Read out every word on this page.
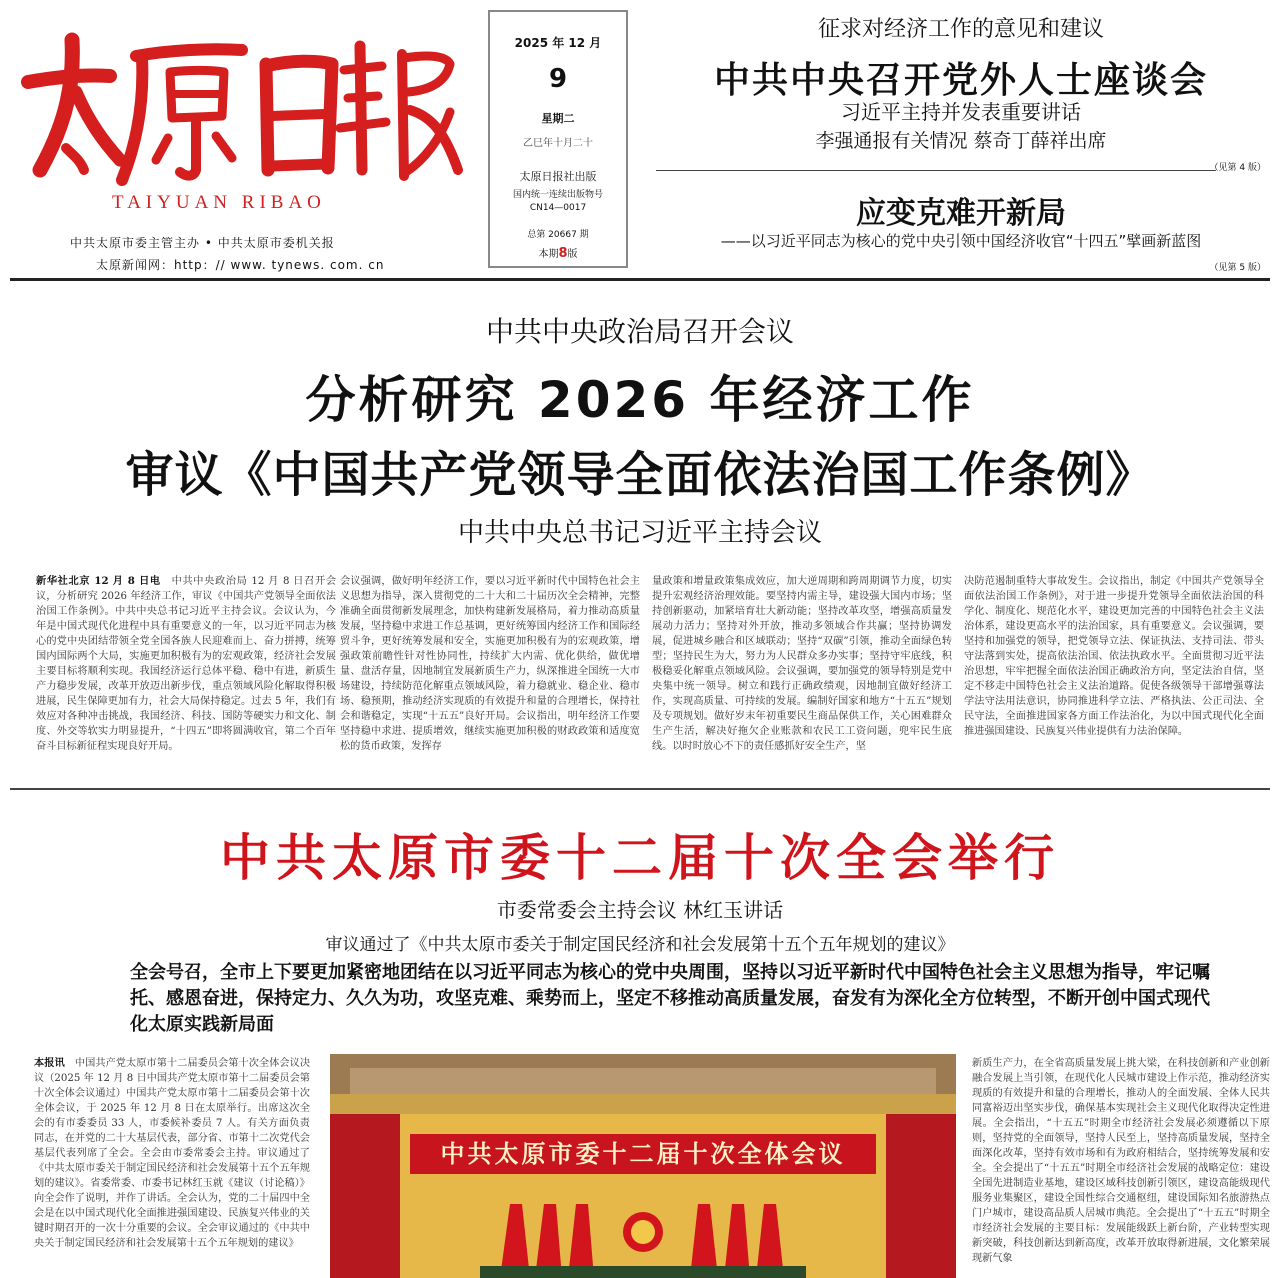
TAIYUAN RIBAO
中共太原市委主管主办 • 中共太原市委机关报
太原新闻网：http：// www. tynews. com. cn
2025 年 12 月
9
星期二
乙巳年十月二十
太原日报社出版
国内统一连续出版物号
CN14—0017
总第 20667 期
本期8版
征求对经济工作的意见和建议
中共中央召开党外人士座谈会
习近平主持并发表重要讲话
李强通报有关情况 蔡奇丁薛祥出席
（见第 4 版）
应变克难开新局
——以习近平同志为核心的党中央引领中国经济收官“十四五”擘画新蓝图
（见第 5 版）
中共中央政治局召开会议
分析研究 2026 年经济工作
审议《中国共产党领导全面依法治国工作条例》
中共中央总书记习近平主持会议
新华社北京 12 月 8 日电　 中共中央政治局 12 月 8 日召开会议，分析研究 2026 年经济工作，审议《中国共产党领导全面依法治国工作条例》。中共中央总书记习近平主持会议。会议认为，今年是中国式现代化进程中具有重要意义的一年，以习近平同志为核心的党中央团结带领全党全国各族人民迎难而上、奋力拼搏，统筹国内国际两个大局，实施更加积极有为的宏观政策，经济社会发展主要目标将顺利实现。我国经济运行总体平稳、稳中有进，新质生产力稳步发展，改革开放迈出新步伐，重点领域风险化解取得积极进展，民生保障更加有力，社会大局保持稳定。过去 5 年，我们有效应对各种冲击挑战，我国经济、科技、国防等硬实力和文化、制度、外交等软实力明显提升，“十四五”即将圆满收官，第二个百年奋斗目标新征程实现良好开局。
会议强调，做好明年经济工作，要以习近平新时代中国特色社会主义思想为指导，深入贯彻党的二十大和二十届历次全会精神，完整准确全面贯彻新发展理念，加快构建新发展格局，着力推动高质量发展，坚持稳中求进工作总基调，更好统筹国内经济工作和国际经贸斗争，更好统筹发展和安全，实施更加积极有为的宏观政策，增强政策前瞻性针对性协同性，持续扩大内需、优化供给，做优增量、盘活存量，因地制宜发展新质生产力，纵深推进全国统一大市场建设，持续防范化解重点领域风险，着力稳就业、稳企业、稳市场、稳预期，推动经济实现质的有效提升和量的合理增长，保持社会和谐稳定，实现“十五五”良好开局。会议指出，明年经济工作要坚持稳中求进、提质增效，继续实施更加积极的财政政策和适度宽松的货币政策，发挥存
量政策和增量政策集成效应，加大逆周期和跨周期调节力度，切实提升宏观经济治理效能。要坚持内需主导，建设强大国内市场；坚持创新驱动，加紧培育壮大新动能；坚持改革攻坚，增强高质量发展动力活力；坚持对外开放，推动多领域合作共赢；坚持协调发展，促进城乡融合和区域联动；坚持“双碳”引领，推动全面绿色转型；坚持民生为大，努力为人民群众多办实事；坚持守牢底线，积极稳妥化解重点领域风险。会议强调，要加强党的领导特别是党中央集中统一领导。树立和践行正确政绩观，因地制宜做好经济工作，实现高质量、可持续的发展。编制好国家和地方“十五五”规划及专项规划。做好岁末年初重要民生商品保供工作，关心困难群众生产生活，解决好拖欠企业账款和农民工工资问题，兜牢民生底线。以时时放心不下的责任感抓好安全生产，坚
决防范遏制重特大事故发生。会议指出，制定《中国共产党领导全面依法治国工作条例》，对于进一步提升党领导全面依法治国的科学化、制度化、规范化水平，建设更加完善的中国特色社会主义法治体系，建设更高水平的法治国家，具有重要意义。会议强调，要坚持和加强党的领导，把党领导立法、保证执法、支持司法、带头守法落到实处，提高依法治国、依法执政水平。全面贯彻习近平法治思想，牢牢把握全面依法治国正确政治方向，坚定法治自信，坚定不移走中国特色社会主义法治道路。促使各级领导干部增强尊法学法守法用法意识，协同推进科学立法、严格执法、公正司法、全民守法，全面推进国家各方面工作法治化，为以中国式现代化全面推进强国建设、民族复兴伟业提供有力法治保障。
中共太原市委十二届十次全会举行
市委常委会主持会议 林红玉讲话
审议通过了《中共太原市委关于制定国民经济和社会发展第十五个五年规划的建议》
全会号召，全市上下要更加紧密地团结在以习近平同志为核心的党中央周围，坚持以习近平新时代中国特色社会主义思想为指导，牢记嘱托、感恩奋进，保持定力、久久为功，攻坚克难、乘势而上，坚定不移推动高质量发展，奋发有为深化全方位转型，不断开创中国式现代化太原实践新局面
本报讯　 中国共产党太原市第十二届委员会第十次全体会议决议（2025 年 12 月 8 日中国共产党太原市第十二届委员会第十次全体会议通过）中国共产党太原市第十二届委员会第十次全体会议，于 2025 年 12 月 8 日在太原举行。出席这次全会的有市委委员 33 人，市委候补委员 7 人。有关方面负责同志，在并党的二十大基层代表，部分省、市第十二次党代会基层代表列席了全会。全会由市委常委会主持。审议通过了《中共太原市委关于制定国民经济和社会发展第十五个五年规划的建议》。省委常委、市委书记林红玉就《建议（讨论稿）》向全会作了说明，并作了讲话。全会认为，党的二十届四中全会是在以中国式现代化全面推进强国建设、民族复兴伟业的关键时期召开的一次十分重要的会议。全会审议通过的《中共中央关于制定国民经济和社会发展第十五个五年规划的建议》
中共太原市委十二届十次全体会议
新质生产力，在全省高质量发展上挑大梁，在科技创新和产业创新融合发展上当引领，在现代化人民城市建设上作示范，推动经济实现质的有效提升和量的合理增长，推动人的全面发展、全体人民共同富裕迈出坚实步伐，确保基本实现社会主义现代化取得决定性进展。全会指出，“十五五”时期全市经济社会发展必须遵循以下原则，坚持党的全面领导，坚持人民至上，坚持高质量发展，坚持全面深化改革，坚持有效市场和有为政府相结合，坚持统筹发展和安全。全会提出了“十五五”时期全市经济社会发展的战略定位：建设全国先进制造业基地，建设区域科技创新引领区，建设高能级现代服务业集聚区，建设全国性综合交通枢纽，建设国际知名旅游热点门户城市，建设高品质人居城市典范。全会提出了“十五五”时期全市经济社会发展的主要目标：发展能级跃上新台阶，产业转型实现新突破，科技创新达到新高度，改革开放取得新进展，文化繁荣展现新气象
